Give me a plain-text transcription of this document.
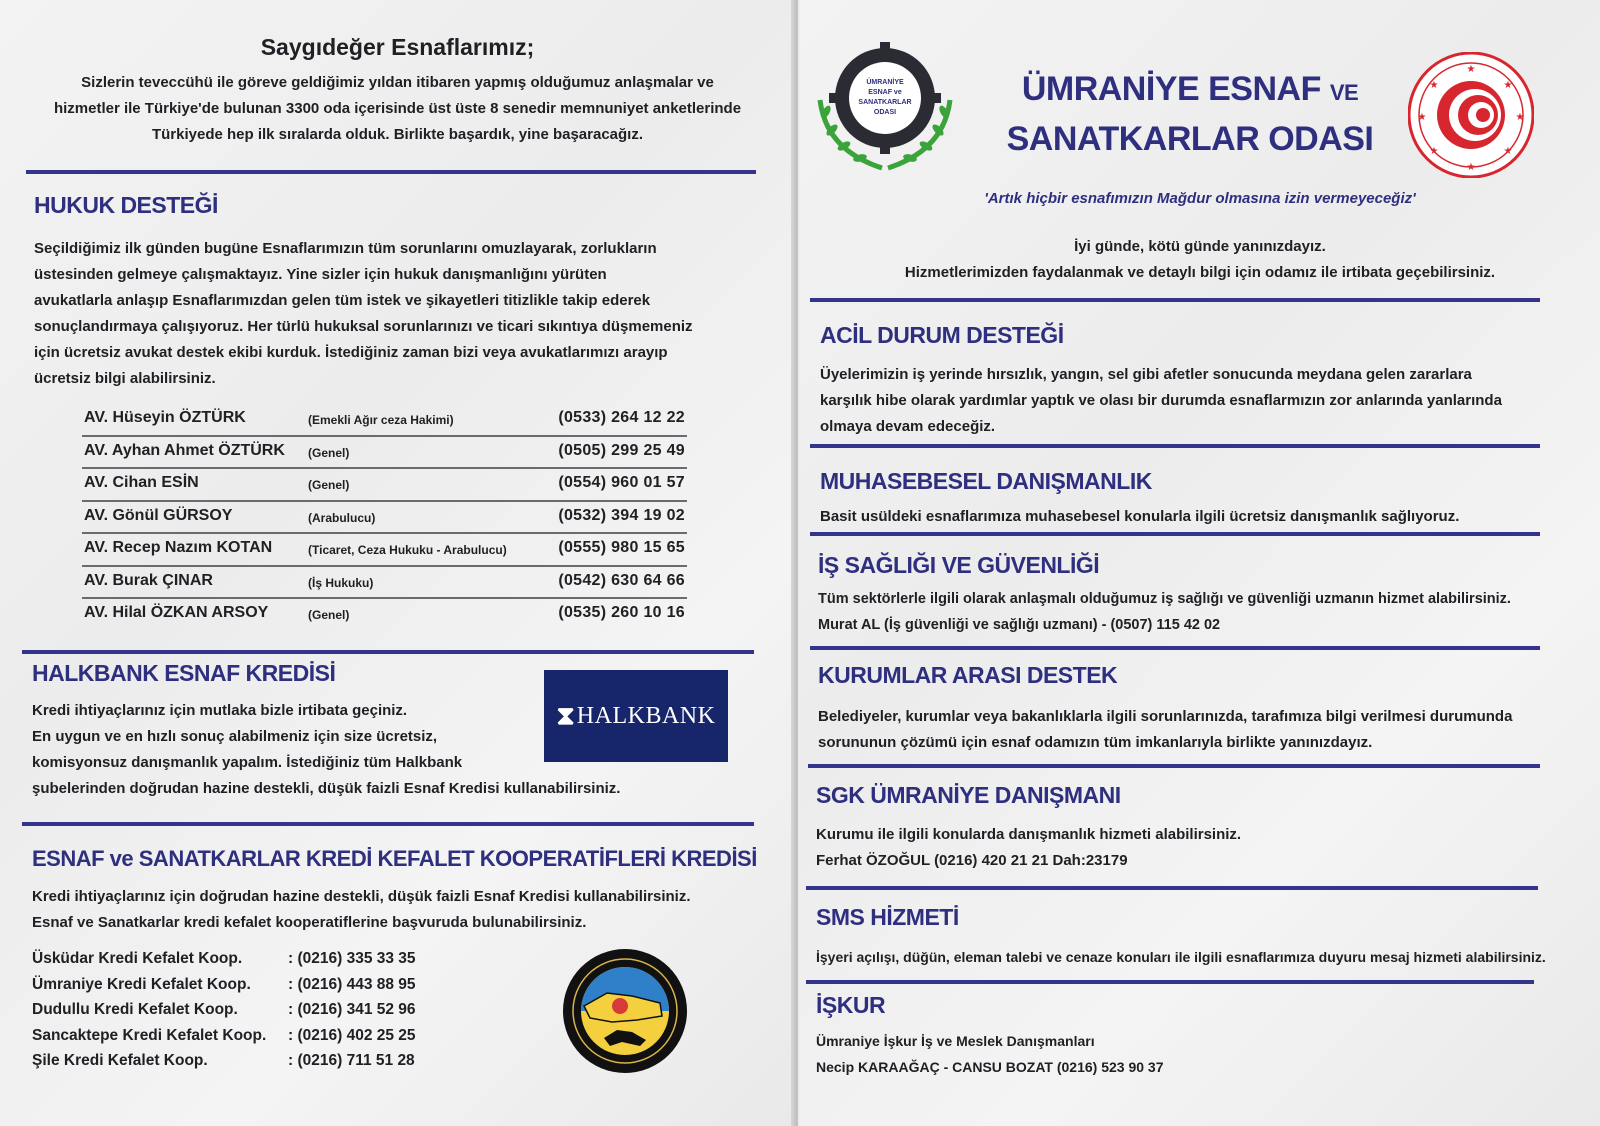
Saygıdeğer Esnaflarımız;
Sizlerin teveccühü ile göreve geldiğimiz yıldan itibaren yapmış olduğumuz anlaşmalar ve
hizmetler ile Türkiye'de bulunan 3300 oda içerisinde üst üste 8 senedir memnuniyet anketlerinde
Türkiyede hep ilk sıralarda olduk. Birlikte başardık, yine başaracağız.
HUKUK DESTEĞİ
Seçildiğimiz ilk günden bugüne Esnaflarımızın tüm sorunlarını omuzlayarak, zorlukların
üstesinden gelmeye çalışmaktayız. Yine sizler için hukuk danışmanlığını yürüten
avukatlarla anlaşıp Esnaflarımızdan gelen tüm istek ve şikayetleri titizlikle takip ederek
sonuçlandırmaya çalışıyoruz. Her türlü hukuksal sorunlarınızı ve ticari sıkıntıya düşmemeniz
için ücretsiz avukat destek ekibi kurduk. İstediğiniz zaman bizi veya avukatlarımızı arayıp
ücretsiz bilgi alabilirsiniz.
AV. Hüseyin ÖZTÜRK	(Emekli Ağır ceza Hakimi)	(0533) 264 12 22
AV. Ayhan Ahmet ÖZTÜRK (Genel)	(0505) 299 25 49
AV. Cihan ESİN	(Genel)	(0554) 960 01 57
AV. Gönül GÜRSOY	(Arabulucu)	(0532) 394 19 02
AV. Recep Nazım KOTAN	(Ticaret, Ceza Hukuku - Arabulucu)	(0555) 980 15 65
AV. Burak ÇINAR	(İş Hukuku)	(0542) 630 64 66
AV. Hilal ÖZKAN ARSOY	(Genel)	(0535) 260 10 16
HALKBANK ESNAF KREDİSİ
Kredi ihtiyaçlarınız için mutlaka bizle irtibata geçiniz.
En uygun ve en hızlı sonuç alabilmeniz için size ücretsiz,
komisyonsuz danışmanlık yapalım. İstediğiniz tüm Halkbank
şubelerinden doğrudan hazine destekli, düşük faizli Esnaf Kredisi kullanabilirsiniz.
⧗ HALKBANK
ESNAF ve SANATKARLAR KREDİ KEFALET KOOPERATİFLERİ KREDİSİ
Kredi ihtiyaçlarınız için doğrudan hazine destekli, düşük faizli Esnaf Kredisi kullanabilirsiniz.
Esnaf ve Sanatkarlar kredi kefalet kooperatiflerine başvuruda bulunabilirsiniz.
Üsküdar Kredi Kefalet Koop.	: (0216) 335 33 35
Ümraniye Kredi Kefalet Koop. : (0216) 443 88 95
Dudullu Kredi Kefalet Koop.	: (0216) 341 52 96
Sancaktepe Kredi Kefalet Koop. : (0216) 402 25 25
Şile Kredi Kefalet Koop.	: (0216) 711 51 28
ÜMRANİYE
ESNAF ve
SANATKARLAR
ODASI
ÜMRANİYE ESNAF VE
SANATKARLAR ODASI
★
★
★
★
★
★
★
★
'Artık hiçbir esnafımızın Mağdur olmasına izin vermeyeceğiz'
İyi günde, kötü günde yanınızdayız.
Hizmetlerimizden faydalanmak ve detaylı bilgi için odamız ile irtibata geçebilirsiniz.
ACİL DURUM DESTEĞİ
Üyelerimizin iş yerinde hırsızlık, yangın, sel gibi afetler sonucunda meydana gelen zararlara
karşılık hibe olarak yardımlar yaptık ve olası bir durumda esnaflarmızın zor anlarında yanlarında
olmaya devam edeceğiz.
MUHASEBESEL DANIŞMANLIK
Basit usüldeki esnaflarımıza muhasebesel konularla ilgili ücretsiz danışmanlık sağlıyoruz.
İŞ SAĞLIĞI VE GÜVENLİĞİ
Tüm sektörlerle ilgili olarak anlaşmalı olduğumuz iş sağlığı ve güvenliği uzmanın hizmet alabilirsiniz.
Murat AL (İş güvenliği ve sağlığı uzmanı) - (0507) 115 42 02
KURUMLAR ARASI DESTEK
Belediyeler, kurumlar veya bakanlıklarla ilgili sorunlarınızda, tarafımıza bilgi verilmesi durumunda
sorununun çözümü için esnaf odamızın tüm imkanlarıyla birlikte yanınızdayız.
SGK ÜMRANİYE DANIŞMANI
Kurumu ile ilgili konularda danışmanlık hizmeti alabilirsiniz.
Ferhat ÖZOĞUL (0216) 420 21 21 Dah:23179
SMS HİZMETİ
İşyeri açılışı, düğün, eleman talebi ve cenaze konuları ile ilgili esnaflarımıza duyuru mesaj hizmeti alabilirsiniz.
İŞKUR
Ümraniye İşkur İş ve Meslek Danışmanları
Necip KARAAĞAÇ - CANSU BOZAT (0216) 523 90 37
